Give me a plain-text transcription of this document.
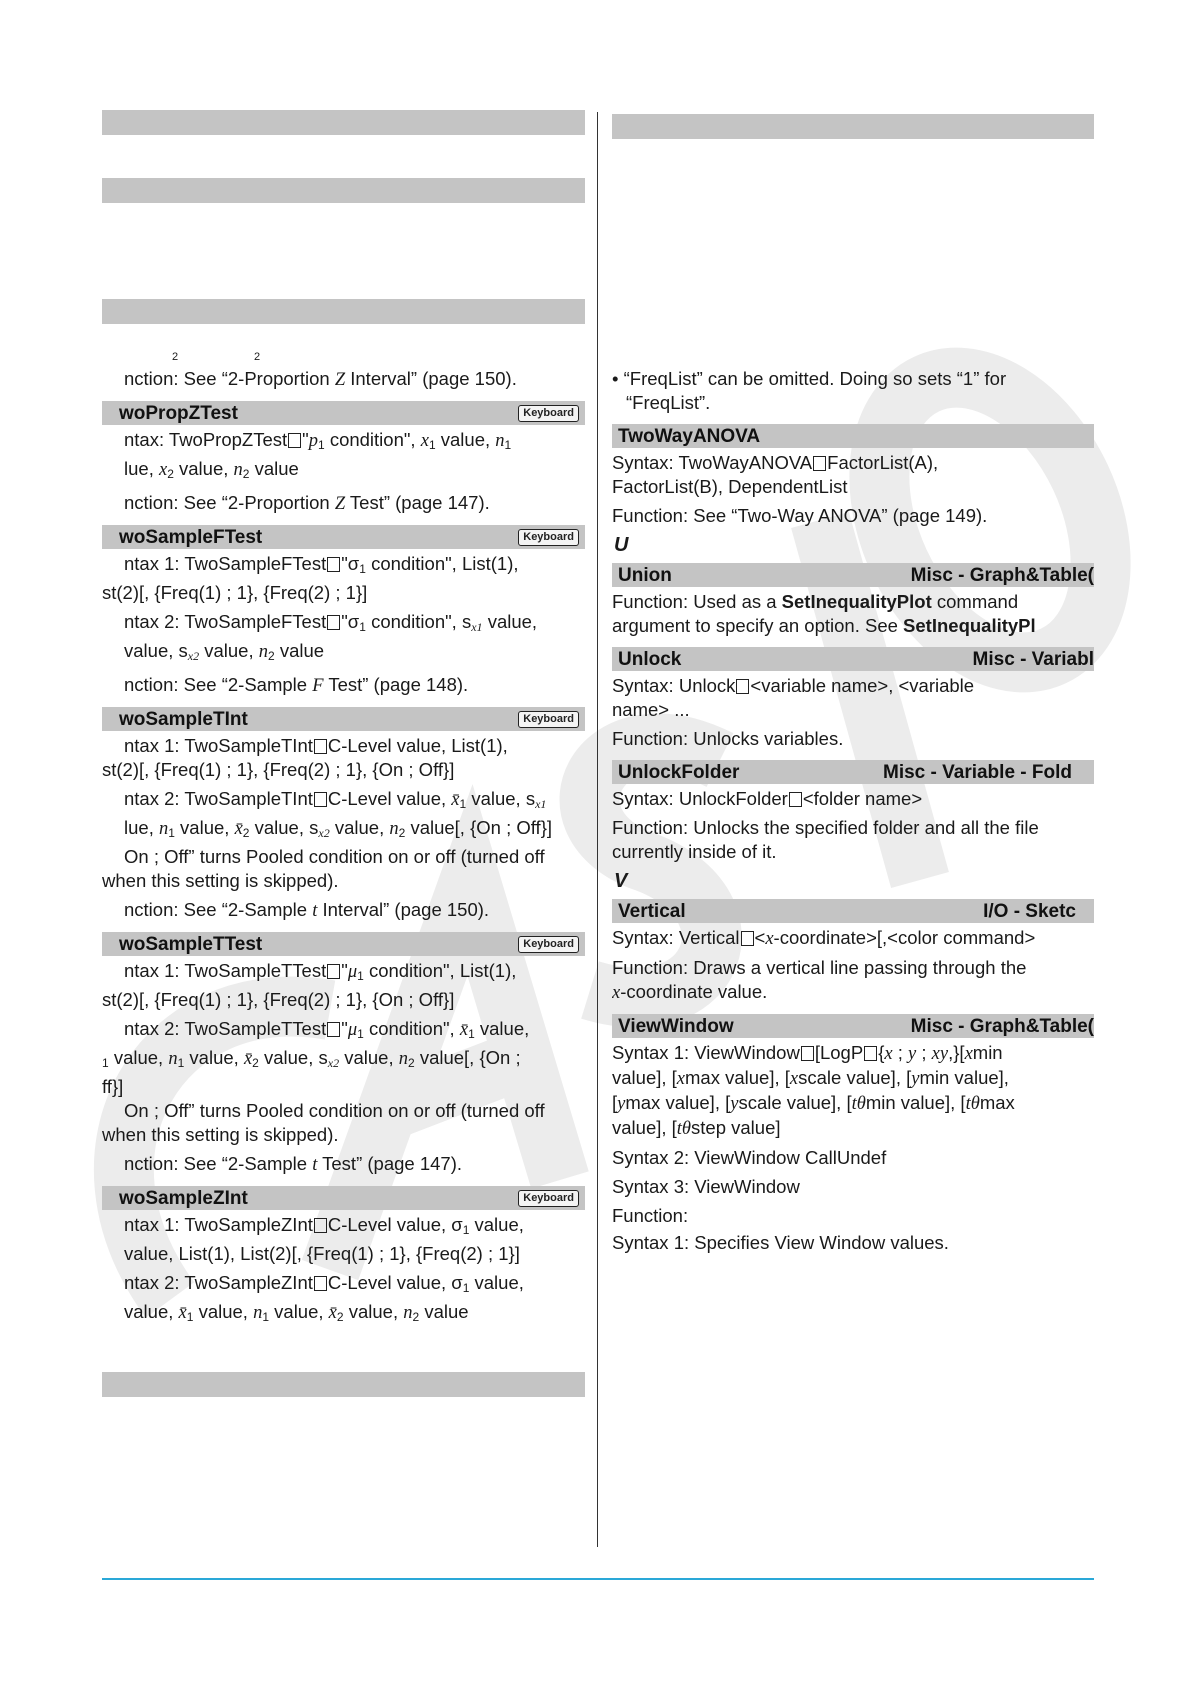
2	2
nction: See “2-Proportion Z Interval” (page 150).
woPropZTest	Keyboard
ntax: TwoPropZTest "$p_1$ condition", $x_1$ value, $n_1$
lue, $x_2$ value, $n_2$ value
nction: See “2-Proportion Z Test” (page 147).
woSampleFTest	Keyboard
ntax 1: TwoSampleFTest "$\sigma_1$ condition", List(1),
st(2)[, {Freq(1) ; 1}, {Freq(2) ; 1}]
ntax 2: TwoSampleFTest "$\sigma_1$ condition", $s_{x1}$ value,
value, $s_{x2}$ value, $n_2$ value
nction: See “2-Sample F Test” (page 148).
woSampleTInt	Keyboard
ntax 1: TwoSampleTInt C-Level value, List(1),
st(2)[, {Freq(1) ; 1}, {Freq(2) ; 1}, {On ; Off}]
ntax 2: TwoSampleTInt C-Level value, $x̄_1$ value, $s_{x1}$
lue, $n_1$ value, $x̄_2$ value, $s_{x2}$ value, $n_2$ value[, {On ; Off}]
On ; Off” turns Pooled condition on or off (turned off
when this setting is skipped).
nction: See “2-Sample t Interval” (page 150).
woSampleTTest	Keyboard
ntax 1: TwoSampleTTest "$\mu_1$ condition", List(1),
st(2)[, {Freq(1) ; 1}, {Freq(2) ; 1}, {On ; Off}]
ntax 2: TwoSampleTTest "$\mu_1$ condition", $x̄_1$ value,
$_1$ value, $n_1$ value, $x̄_2$ value, $s_{x2}$ value, $n_2$ value[, {On ;
ff}]
On ; Off” turns Pooled condition on or off (turned off
when this setting is skipped).
nction: See “2-Sample t Test” (page 147).
woSampleZInt	Keyboard
ntax 1: TwoSampleZInt C-Level value, $\sigma_1$ value,
value, List(1), List(2)[, {Freq(1) ; 1}, {Freq(2) ; 1}]
ntax 2: TwoSampleZInt C-Level value, $\sigma_1$ value,
value, $x̄_1$ value, $n_1$ value, $x̄_2$ value, $n_2$ value
• “FreqList” can be omitted. Doing so sets “1” for
“FreqList”.
TwoWayANOVA
Syntax: TwoWayANOVA FactorList(A),
FactorList(B), DependentList
Function: See “Two-Way ANOVA” (page 149).
U
Union	Misc - Graph&Table(
Function: Used as a SetInequalityPlot command
argument to specify an option. See SetInequalityPl
Unlock	Misc - Variabl
Syntax: Unlock <variable name>, <variable
name> ...
Function: Unlocks variables.
UnlockFolder	Misc - Variable - Fold
Syntax: UnlockFolder <folder name>
Function: Unlocks the specified folder and all the file
currently inside of it.
V
Vertical	I/O - Sketc
Syntax: Vertical <x-coordinate>[,<color command>
Function: Draws a vertical line passing through the
x-coordinate value.
ViewWindow	Misc - Graph&Table(
Syntax 1: ViewWindow [LogP {x ; y ; xy,}[xmin
value], [xmax value], [xscale value], [ymin value],
[ymax value], [yscale value], [tθmin value], [tθmax
value], [tθstep value]
Syntax 2: ViewWindow CallUndef
Syntax 3: ViewWindow
Function:
Syntax 1: Specifies View Window values.
